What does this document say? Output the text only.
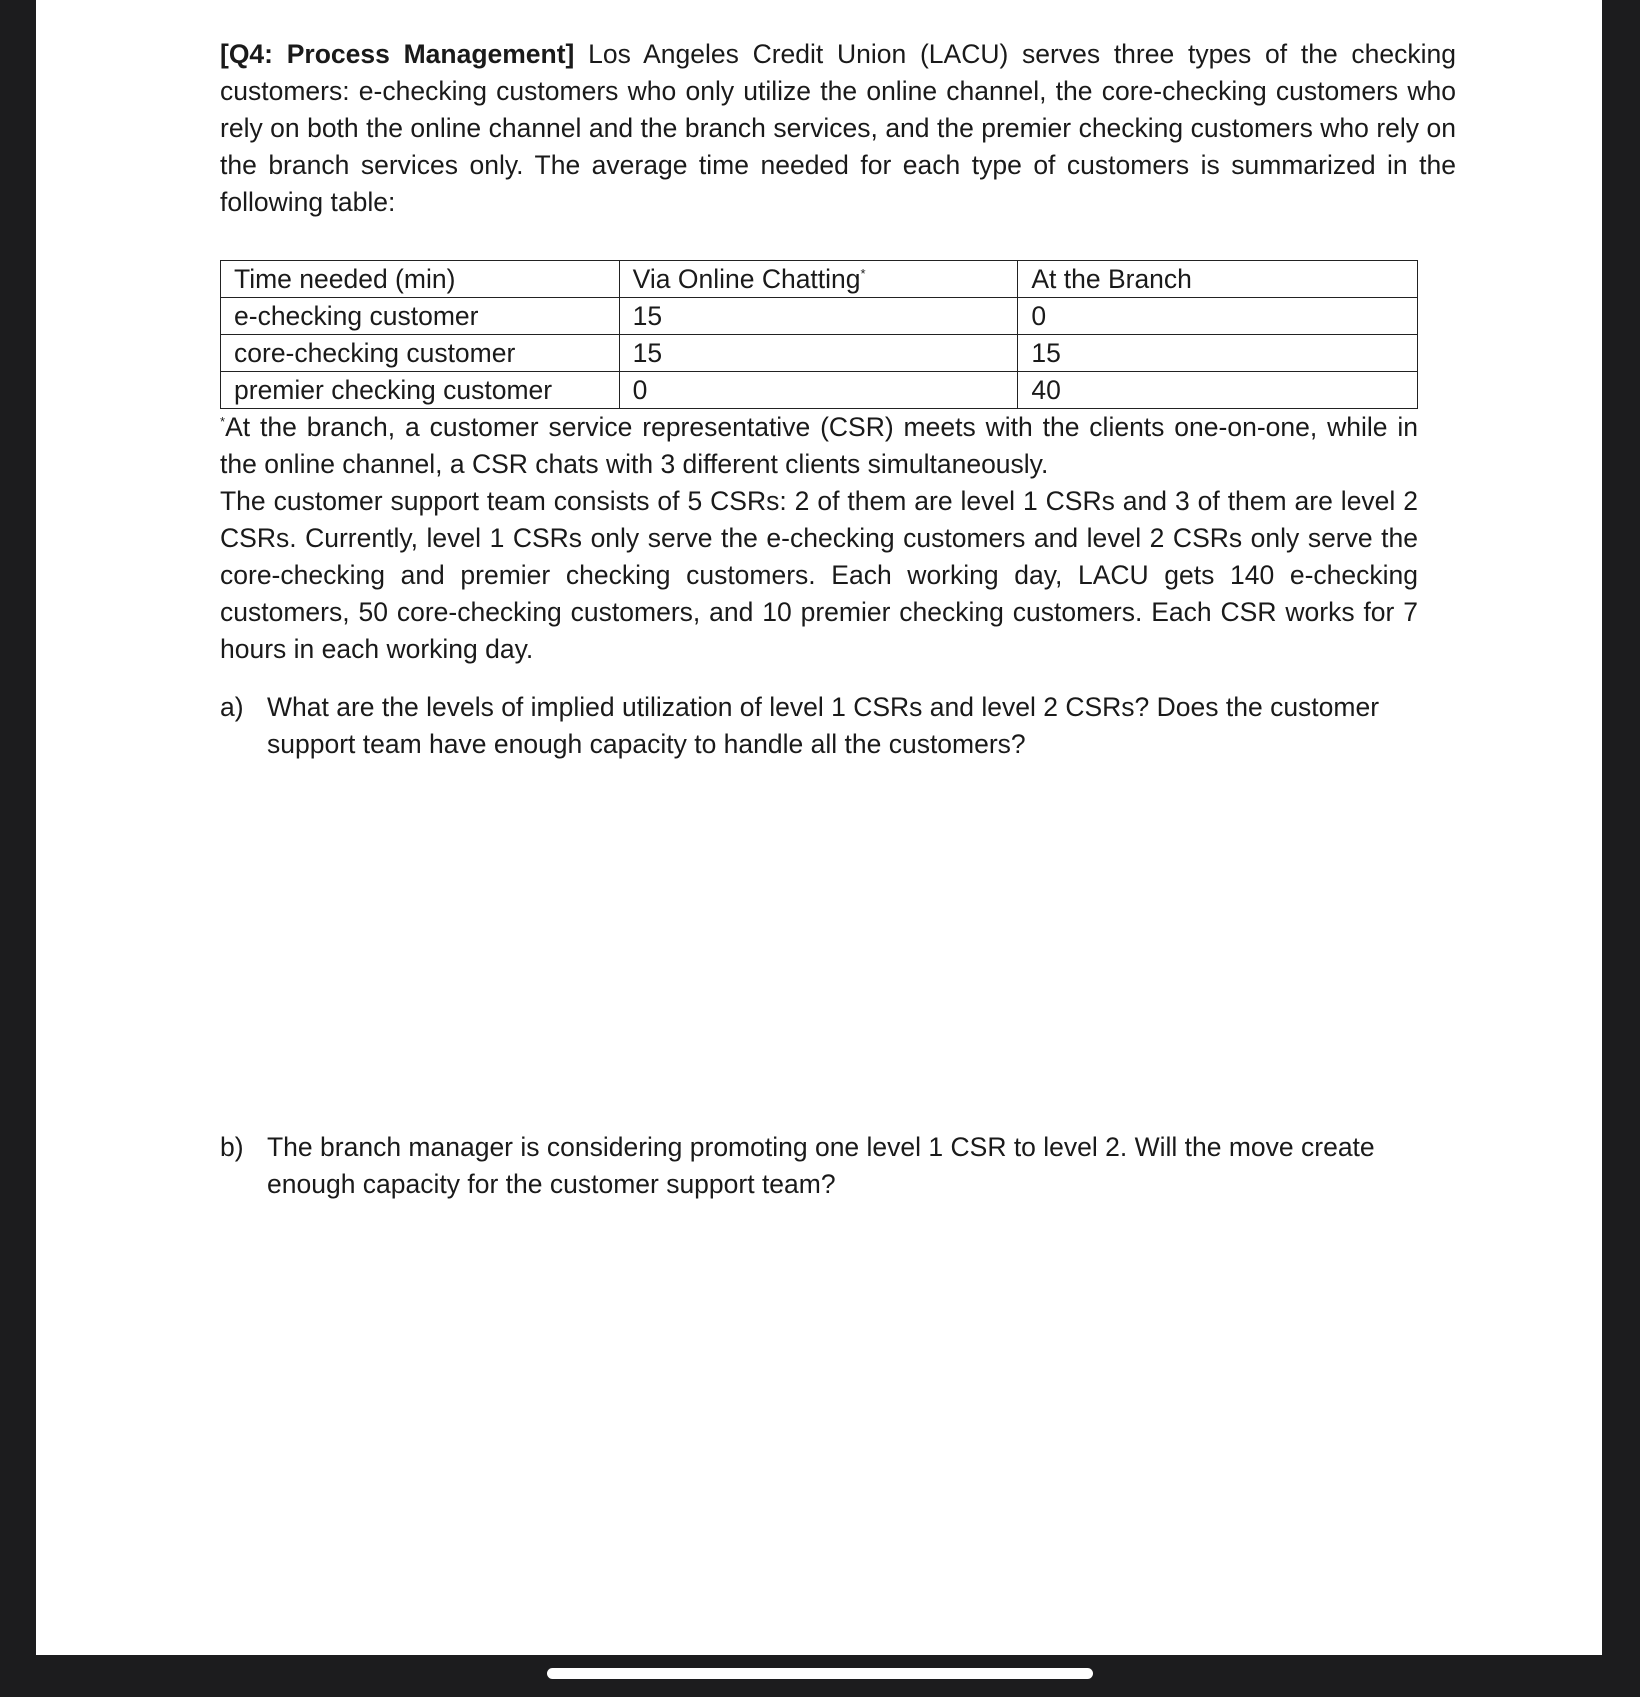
[Q4: Process Management] Los Angeles Credit Union (LACU) serves three types of the checking customers: e-checking customers who only utilize the online channel, the core-checking customers who rely on both the online channel and the branch services, and the premier checking customers who rely on the branch services only. The average time needed for each type of customers is summarized in the following table:

Time needed (min)	Via Online Chatting*	At the Branch
e-checking customer	15	0
core-checking customer	15	15
premier checking customer	0	40

*At the branch, a customer service representative (CSR) meets with the clients one-on-one, while in the online channel, a CSR chats with 3 different clients simultaneously.

The customer support team consists of 5 CSRs: 2 of them are level 1 CSRs and 3 of them are level 2 CSRs. Currently, level 1 CSRs only serve the e-checking customers and level 2 CSRs only serve the core-checking and premier checking customers. Each working day, LACU gets 140 e-checking customers, 50 core-checking customers, and 10 premier checking customers. Each CSR works for 7 hours in each working day.

a) What are the levels of implied utilization of level 1 CSRs and level 2 CSRs? Does the customer support team have enough capacity to handle all the customers?
b) The branch manager is considering promoting one level 1 CSR to level 2. Will the move create enough capacity for the customer support team?
